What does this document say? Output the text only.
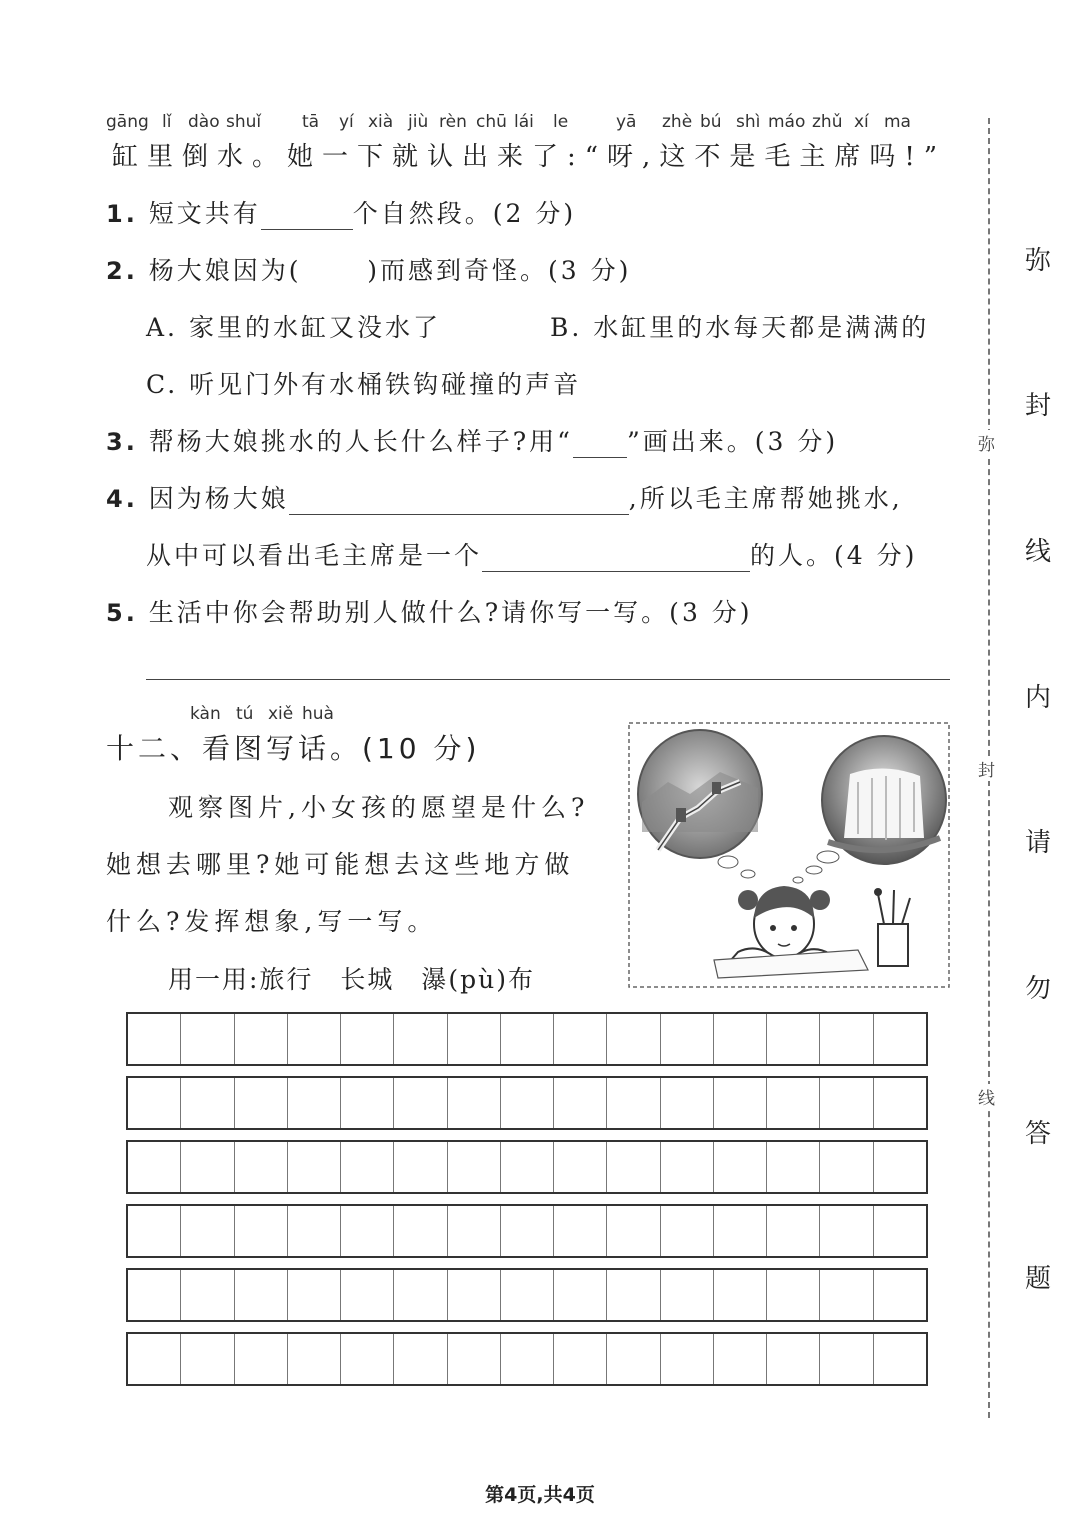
gāng lǐ dào shuǐ tā yí xià jiù rèn chū lái le	yā zhè bú shì máo zhǔ xí ma
缸里倒水。她一下就认出来了:“呀,这不是毛主席吗!”
1. 短文共有	个自然段。(2 分)
2. 杨大娘因为(      )而感到奇怪。(3 分)
A. 家里的水缸又没水了	B. 水缸里的水每天都是满满的
C. 听见门外有水桶铁钩碰撞的声音
3. 帮杨大娘挑水的人长什么样子?用“ ”画出来。(3 分)
4. 因为杨大娘	,所以毛主席帮她挑水,
从中可以看出毛主席是一个	的人。(4 分)
5. 生活中你会帮助别人做什么?请你写一写。(3 分)
kàn tú xiě huà
十二、看图写话。(10 分)
观察图片,小女孩的愿望是什么?
她想去哪里?她可能想去这些地方做
什么?发挥想象,写一写。
用一用:旅行　长城　瀑(pù)布
弥
封
线
弥
封
线
内
请
勿
答
题
第4页,共4页
